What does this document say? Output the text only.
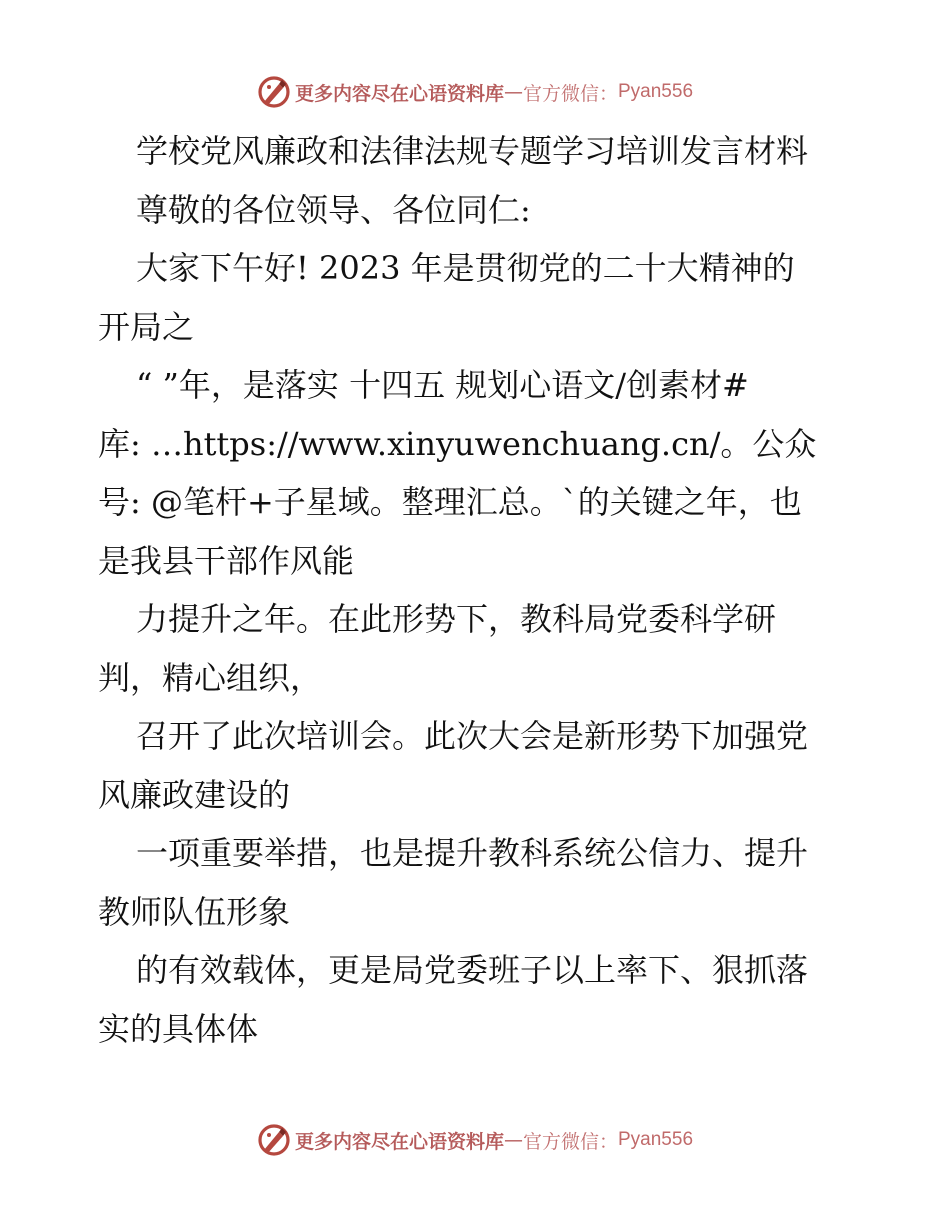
更多内容尽在心语资料库 — 官方微信： Pyan556
学校党风廉政和法律法规专题学习培训发言材料
尊敬的各位领导、各位同仁:
大家下午好! 2023 年是贯彻党的二十大精神的
开局之
“ ”年，是落实 十四五 规划心语文/创素材#
库: …https://www.xinyuwenchuang.cn/。公众
号: @笔杆+子星域。整理汇总。`的关键之年，也
是我县干部作风能
力提升之年。在此形势下，教科局党委科学研
判，精心组织，
召开了此次培训会。此次大会是新形势下加强党
风廉政建设的
一项重要举措，也是提升教科系统公信力、提升
教师队伍形象
的有效载体，更是局党委班子以上率下、狠抓落
实的具体体
更多内容尽在心语资料库 — 官方微信： Pyan556
